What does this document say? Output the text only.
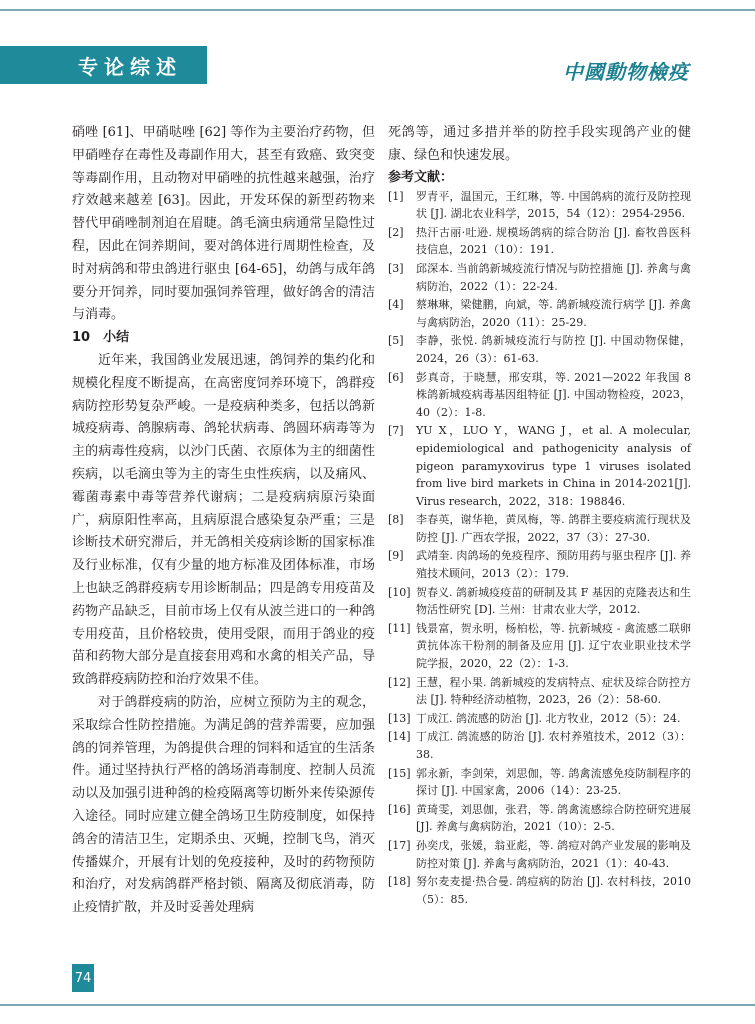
专论综述	中國動物檢疫

硝唑 [61]、甲硝哒唑 [62] 等作为主要治疗药物，但甲硝唑存在毒性及毒副作用大，甚至有致癌、致突变等毒副作用，且动物对甲硝唑的抗性越来越强，治疗疗效越来越差 [63]。因此，开发环保的新型药物来替代甲硝唑制剂迫在眉睫。鸽毛滴虫病通常呈隐性过程，因此在饲养期间，要对鸽体进行周期性检查，及时对病鸽和带虫鸽进行驱虫 [64-65]，幼鸽与成年鸽要分开饲养，同时要加强饲养管理，做好鸽舍的清洁与消毒。

10　小结

近年来，我国鸽业发展迅速，鸽饲养的集约化和规模化程度不断提高，在高密度饲养环境下，鸽群疫病防控形势复杂严峻。一是疫病种类多，包括以鸽新城疫病毒、鸽腺病毒、鸽轮状病毒、鸽圆环病毒等为主的病毒性疫病，以沙门氏菌、衣原体为主的细菌性疾病，以毛滴虫等为主的寄生虫性疾病，以及痛风、霉菌毒素中毒等营养代谢病；二是疫病病原污染面广，病原阳性率高，且病原混合感染复杂严重；三是诊断技术研究滞后，并无鸽相关疫病诊断的国家标准及行业标准，仅有少量的地方标准及团体标准，市场上也缺乏鸽群疫病专用诊断制品；四是鸽专用疫苗及药物产品缺乏，目前市场上仅有从波兰进口的一种鸽专用疫苗，且价格较贵，使用受限，而用于鸽业的疫苗和药物大部分是直接套用鸡和水禽的相关产品，导致鸽群疫病防控和治疗效果不佳。

对于鸽群疫病的防治，应树立预防为主的观念，采取综合性防控措施。为满足鸽的营养需要，应加强鸽的饲养管理，为鸽提供合理的饲料和适宜的生活条件。通过坚持执行严格的鸽场消毒制度、控制人员流动以及加强引进种鸽的检疫隔离等切断外来传染源传入途径。同时应建立健全鸽场卫生防疫制度，如保持鸽舍的清洁卫生，定期杀虫、灭蝇，控制飞鸟，消灭传播媒介，开展有计划的免疫接种，及时的药物预防和治疗，对发病鸽群严格封锁、隔离及彻底消毒，防止疫情扩散，并及时妥善处理病

死鸽等，通过多措并举的防控手段实现鸽产业的健康、绿色和快速发展。

参考文献：

[1]	罗青平，温国元，王红琳，等. 中国鸽病的流行及防控现状 [J]. 湖北农业科学，2015，54（12）：2954-2956.
[2]	热汗古丽·吐逊. 规模场鸽病的综合防治 [J]. 畜牧兽医科技信息，2021（10）：191.
[3]	邱深本. 当前鸽新城疫流行情况与防控措施 [J]. 养禽与禽病防治，2022（1）：22-24.
[4]	蔡琳琳，梁健鹏，向斌，等. 鸽新城疫流行病学 [J]. 养禽与禽病防治，2020（11）：25-29.
[5]	李静，张悦. 鸽新城疫流行与防控 [J]. 中国动物保健，2024，26（3）：61-63.
[6]	彭真奇，于晓慧，邢安琪，等. 2021—2022 年我国 8 株鸽新城疫病毒基因组特征 [J]. 中国动物检疫，2023，40（2）：1-8.
[7]	YU X，LUO Y，WANG J，et al. A molecular, epidemiological and pathogenicity analysis of pigeon paramyxovirus type 1 viruses isolated from live bird markets in China in 2014-2021[J]. Virus research，2022，318：198846.
[8]	李春英，谢华艳，黄凤梅，等. 鸽群主要疫病流行现状及防控 [J]. 广西农学报，2022，37（3）：27-30.
[9]	武靖奎. 肉鸽场的免疫程序、预防用药与驱虫程序 [J]. 养殖技术顾问，2013（2）：179.
[10] 贺春义. 鸽新城疫疫苗的研制及其 F 基因的克隆表达和生物活性研究 [D]. 兰州：甘肃农业大学，2012.
[11] 钱景富，贺永明，杨柏松，等. 抗新城疫 - 禽流感二联卵黄抗体冻干粉剂的制备及应用 [J]. 辽宁农业职业技术学院学报，2020，22（2）：1-3.
[12] 王慧，程小果. 鸽新城疫的发病特点、症状及综合防控方法 [J]. 特种经济动植物，2023，26（2）：58-60.
[13] 丁成江. 鸽流感的防治 [J]. 北方牧业，2012（5）：24.
[14] 丁成江. 鸽流感的防治 [J]. 农村养殖技术，2012（3）：38.
[15] 郭永新，李剑荣，刘思伽，等. 鸽禽流感免疫防制程序的探讨 [J]. 中国家禽，2006（14）：23-25.
[16] 黄琦雯，刘思伽，张君，等. 鸽禽流感综合防控研究进展 [J]. 养禽与禽病防治，2021（10）：2-5.
[17] 孙奕戊，张媛，翁亚彪，等. 鸽痘对鸽产业发展的影响及防控对策 [J]. 养禽与禽病防治，2021（1）：40-43.
[18] 努尔麦麦提·热合曼. 鸽痘病的防治 [J]. 农村科技，2010（5）：85.
74
